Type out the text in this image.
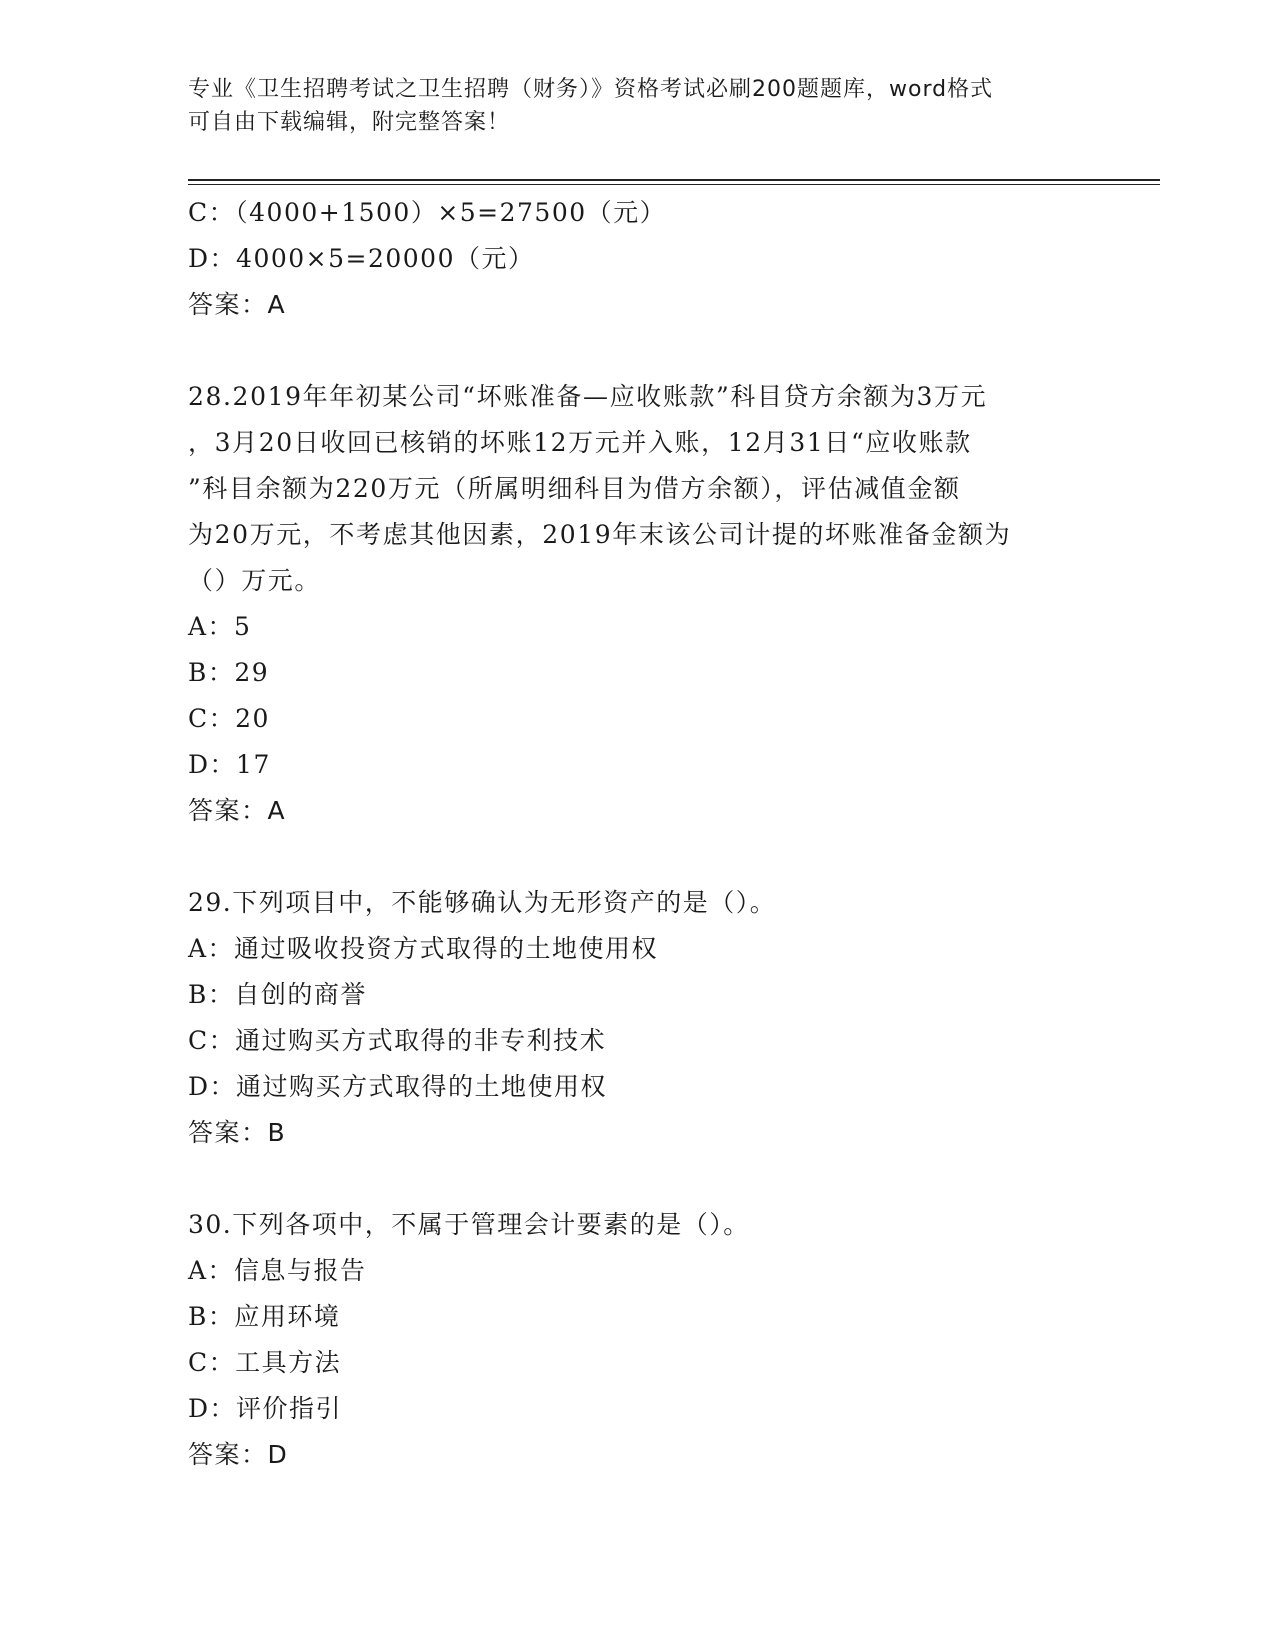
专业《卫生招聘考试之卫生招聘（财务）》资格考试必刷200题题库，word格式
可自由下载编辑，附完整答案！
C：（4000+1500）×5=27500（元）
D：4000×5=20000（元）
答案：A
28.2019年年初某公司“坏账准备—应收账款”科目贷方余额为3万元
，3月20日收回已核销的坏账12万元并入账，12月31日“应收账款
”科目余额为220万元（所属明细科目为借方余额），评估减值金额
为20万元，不考虑其他因素，2019年末该公司计提的坏账准备金额为
（）万元。
A：5
B：29
C：20
D：17
答案：A
29.下列项目中，不能够确认为无形资产的是（）。
A：通过吸收投资方式取得的土地使用权
B：自创的商誉
C：通过购买方式取得的非专利技术
D：通过购买方式取得的土地使用权
答案：B
30.下列各项中，不属于管理会计要素的是（）。
A：信息与报告
B：应用环境
C：工具方法
D：评价指引
答案：D
